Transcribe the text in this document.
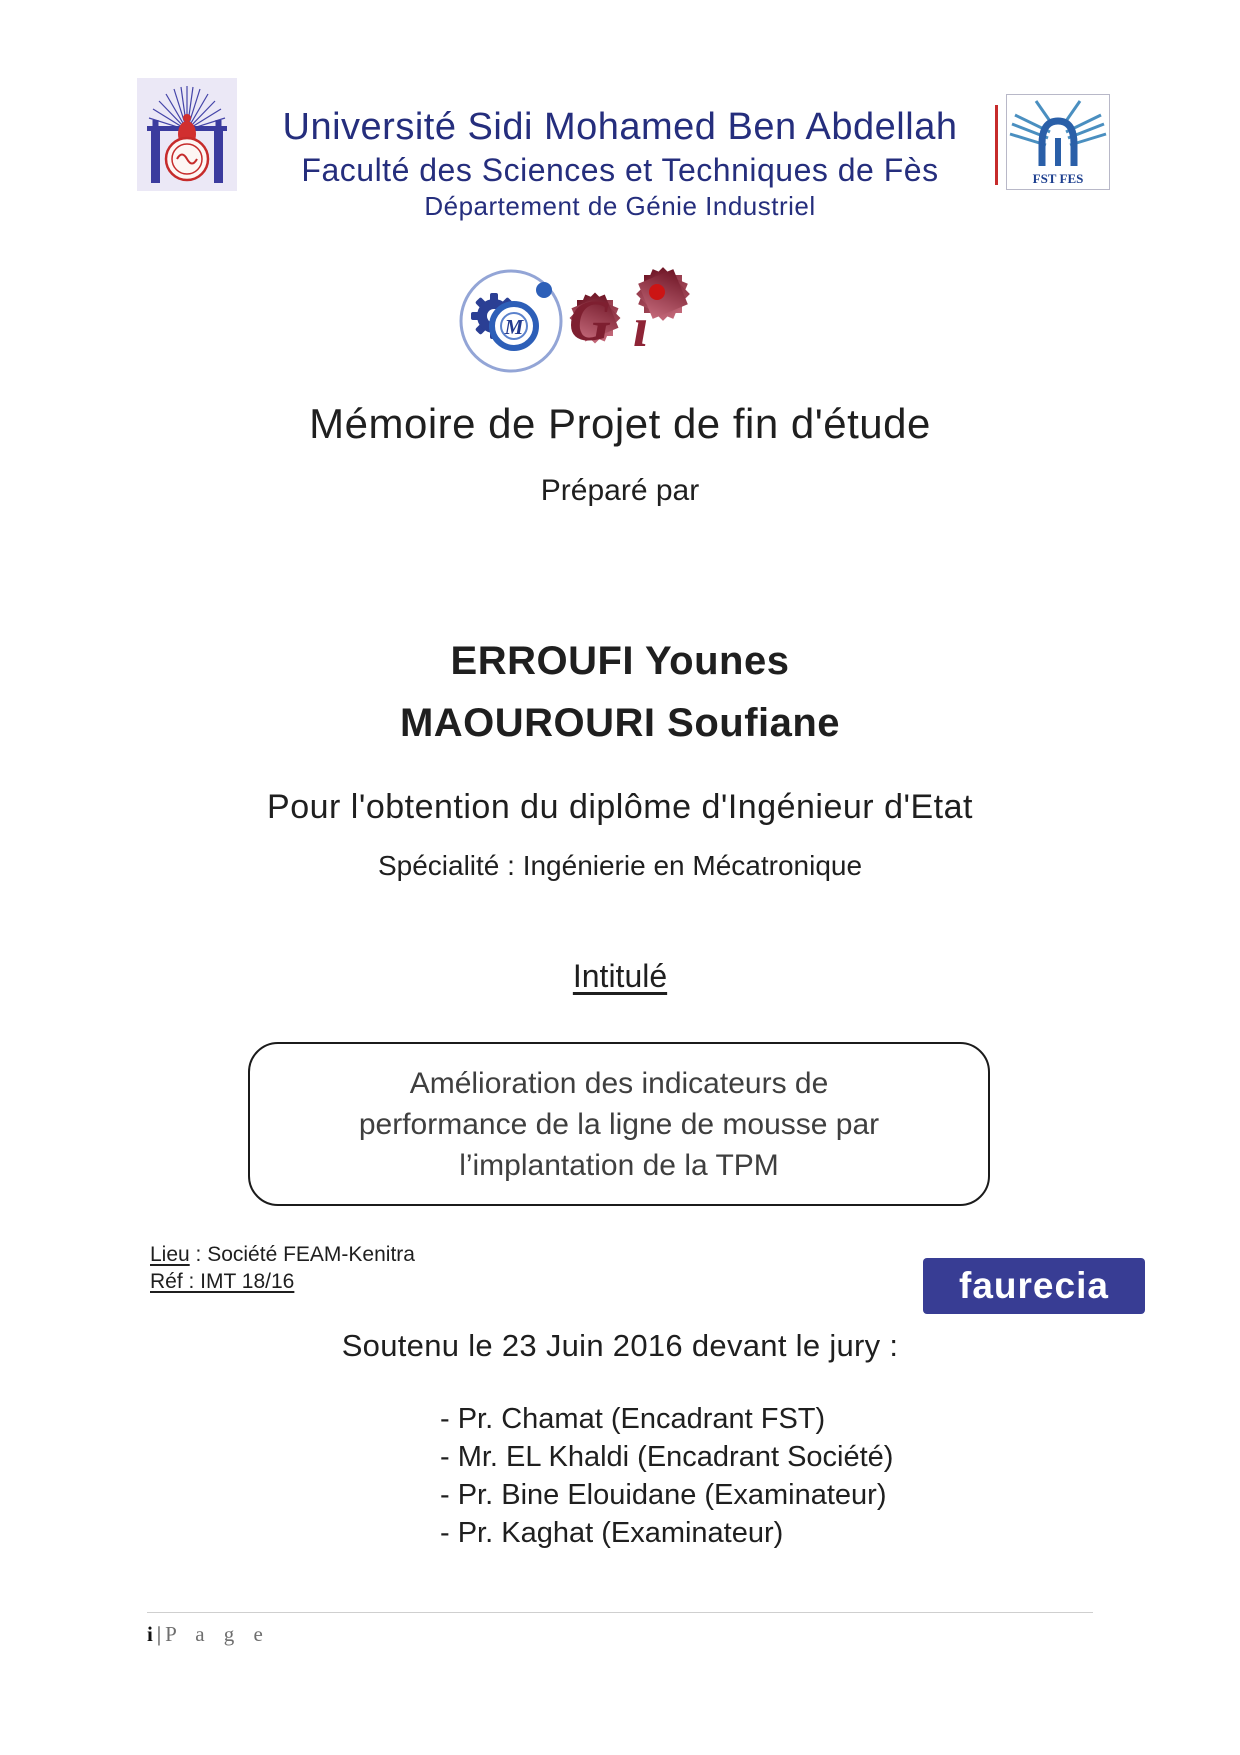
Université Sidi Mohamed Ben Abdellah
Faculté des Sciences et Techniques de Fès
Département de Génie Industriel
FST FES
M G ı
Mémoire de Projet de fin d'étude
Préparé par
ERROUFI Younes
MAOUROURI Soufiane
Pour l'obtention du diplôme d'Ingénieur d'Etat
Spécialité : Ingénierie en Mécatronique
Intitulé
Amélioration des indicateurs de performance de la ligne de mousse par l’implantation de la TPM
Lieu : Société FEAM-Kenitra
Réf : IMT 18/16	faurecia
Soutenu le 23 Juin 2016 devant le jury :
- Pr. Chamat (Encadrant FST)
- Mr. EL Khaldi (Encadrant Société)
- Pr. Bine Elouidane (Examinateur)
- Pr. Kaghat (Examinateur)
i | P a g e
